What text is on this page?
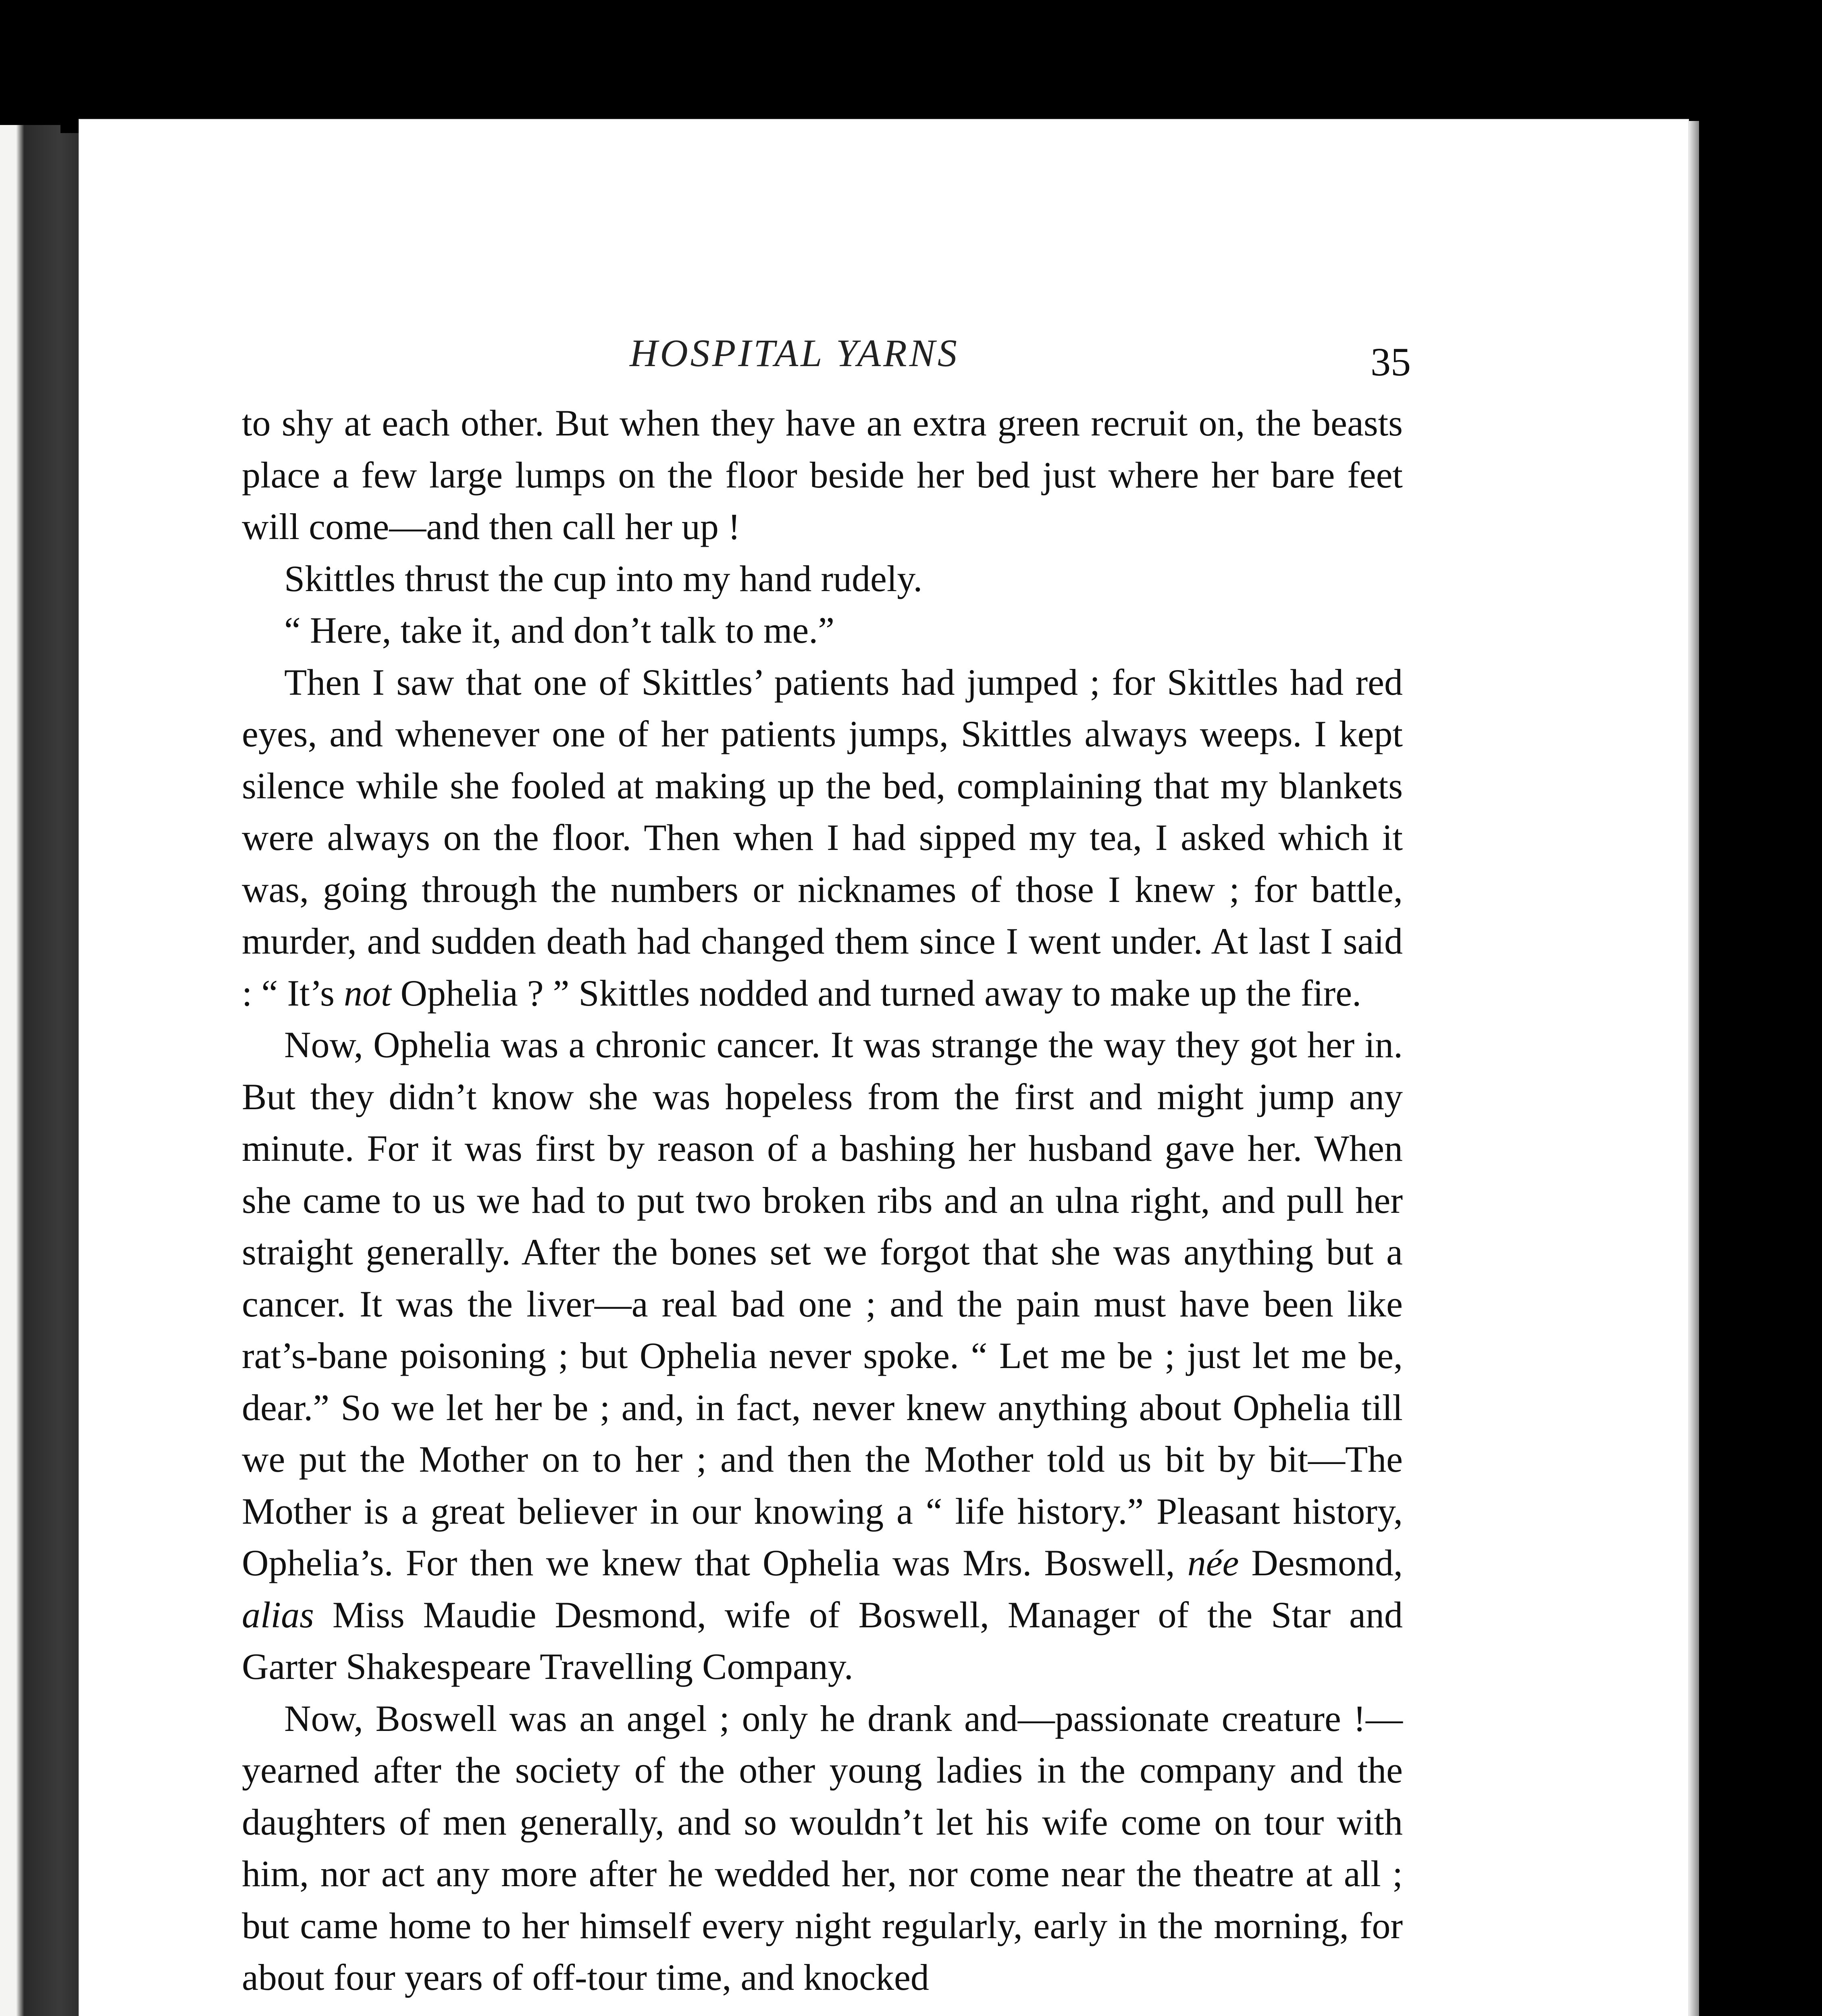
HOSPITAL YARNS	35

to shy at each other. But when they have an extra green recruit on, the beasts place a few large lumps on the floor beside her bed just where her bare feet will come—and then call her up !

Skittles thrust the cup into my hand rudely.

“ Here, take it, and don’t talk to me.”

Then I saw that one of Skittles’ patients had jumped ; for Skittles had red eyes, and whenever one of her patients jumps, Skittles always weeps. I kept silence while she fooled at making up the bed, complaining that my blankets were always on the floor. Then when I had sipped my tea, I asked which it was, going through the numbers or nicknames of those I knew ; for battle, murder, and sudden death had changed them since I went under. At last I said : “ It’s not Ophelia ? ” Skittles nodded and turned away to make up the fire.

Now, Ophelia was a chronic cancer. It was strange the way they got her in. But they didn’t know she was hopeless from the first and might jump any minute. For it was first by reason of a bashing her husband gave her. When she came to us we had to put two broken ribs and an ulna right, and pull her straight generally. After the bones set we forgot that she was anything but a cancer. It was the liver—a real bad one ; and the pain must have been like rat’s-bane poisoning ; but Ophelia never spoke. “ Let me be ; just let me be, dear.” So we let her be ; and, in fact, never knew anything about Ophelia till we put the Mother on to her ; and then the Mother told us bit by bit—The Mother is a great believer in our knowing a “ life history.” Pleasant history, Ophelia’s. For then we knew that Ophelia was Mrs. Boswell, née Desmond, alias Miss Maudie Desmond, wife of Boswell, Manager of the Star and Garter Shakespeare Travelling Company.

Now, Boswell was an angel ; only he drank and—passionate creature !—yearned after the society of the other young ladies in the company and the daughters of men generally, and so wouldn’t let his wife come on tour with him, nor act any more after he wedded her, nor come near the theatre at all ; but came home to her himself every night regularly, early in the morning, for about four years of off-tour time, and knocked
